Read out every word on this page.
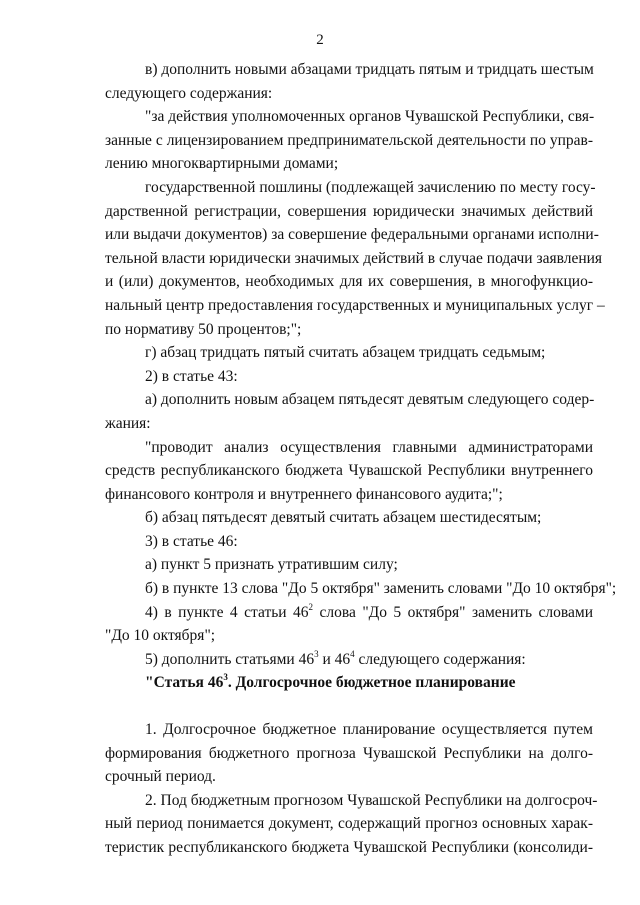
2
в) дополнить новыми абзацами тридцать пятым и тридцать шестым
следующего содержания:
"за действия уполномоченных органов Чувашской Республики, свя-
занные с лицензированием предпринимательской деятельности по управ-
лению многоквартирными домами;
государственной пошлины (подлежащей зачислению по месту госу-
дарственной регистрации, совершения юридически значимых действий
или выдачи документов) за совершение федеральными органами исполни-
тельной власти юридически значимых действий в случае подачи заявления
и (или) документов, необходимых для их совершения, в многофункцио-
нальный центр предоставления государственных и муниципальных услуг –
по нормативу 50 процентов;";
г) абзац тридцать пятый считать абзацем тридцать седьмым;
2) в статье 43:
а) дополнить новым абзацем пятьдесят девятым следующего содер-
жания:
"проводит анализ осуществления главными администраторами
средств республиканского бюджета Чувашской Республики внутреннего
финансового контроля и внутреннего финансового аудита;";
б) абзац пятьдесят девятый считать абзацем шестидесятым;
3) в статье 46:
а) пункт 5 признать утратившим силу;
б) в пункте 13 слова "До 5 октября" заменить словами "До 10 октября";
4) в пункте 4 статьи $46^2$ слова "До 5 октября" заменить словами
"До 10 октября";
5) дополнить статьями $46^3$ и $46^4$ следующего содержания:
"Статья $46^3$. Долгосрочное бюджетное планирование
1. Долгосрочное бюджетное планирование осуществляется путем
формирования бюджетного прогноза Чувашской Республики на долго-
срочный период.
2. Под бюджетным прогнозом Чувашской Республики на долгосроч-
ный период понимается документ, содержащий прогноз основных харак-
теристик республиканского бюджета Чувашской Республики (консолиди-
